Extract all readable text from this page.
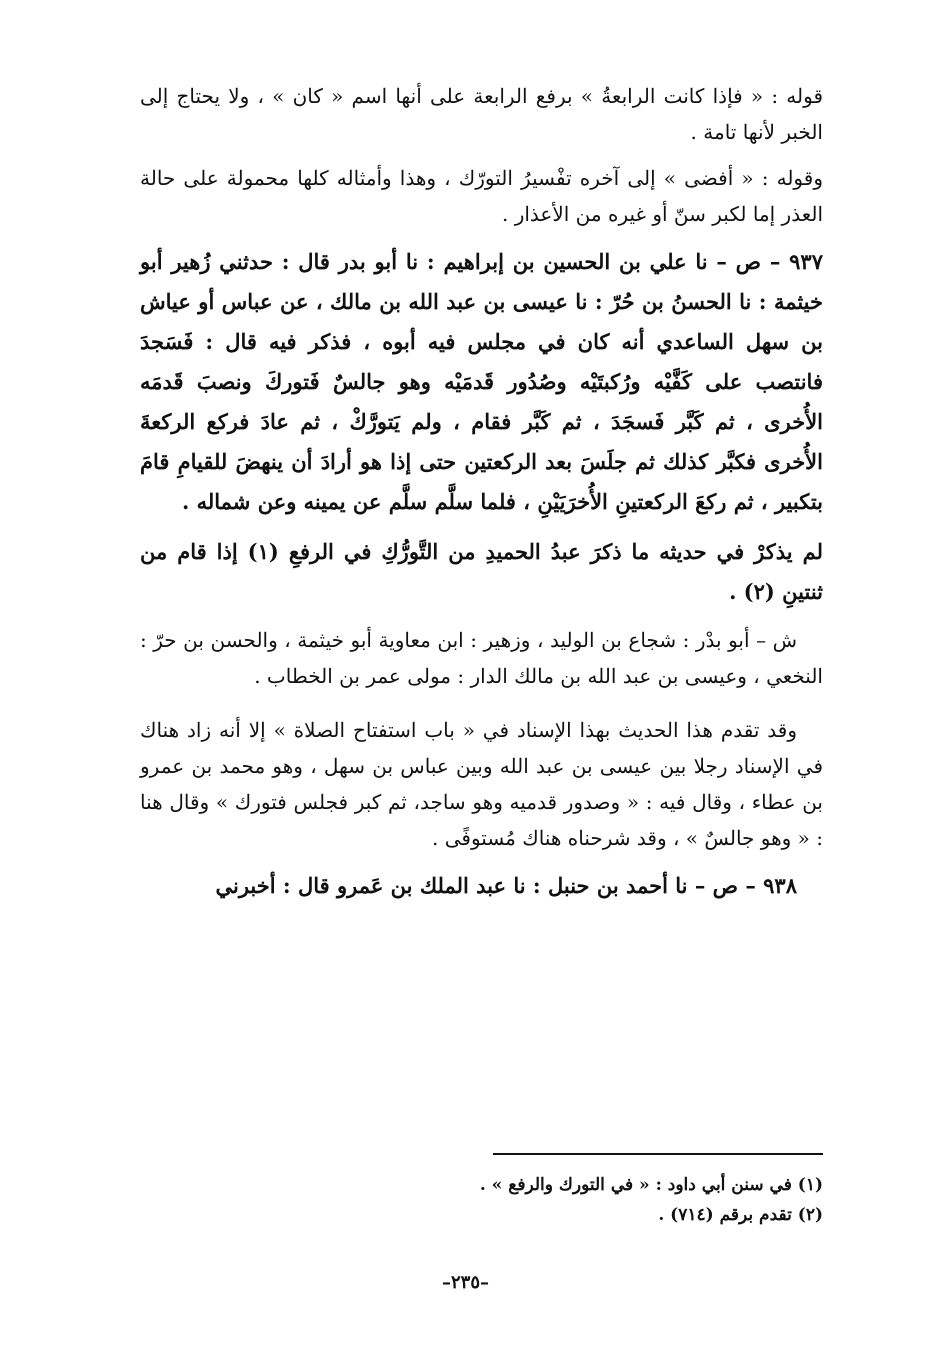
قوله : « فإذا كانت الرابعةُ » برفع الرابعة على أنها اسم « كان » ، ولا يحتاج إلى الخبر لأنها تامة .

وقوله : « أفضى » إلى آخره تفْسيرُ التورّك ، وهذا وأمثاله كلها محمولة على حالة العذر إما لكبر سنّ أو غيره من الأعذار .

٩٣٧ – ص – نا علي بن الحسين بن إبراهيم : نا أبو بدر قال : حدثني زُهير أبو خيثمة : نا الحسنُ بن حُرّ : نا عيسى بن عبد الله بن مالك ، عن عباس أو عياش بن سهل الساعدي أنه كان في مجلس فيه أبوه ، فذكر فيه قال : فَسَجدَ فانتصب على كَفَّيْه ورُكبتَيْه وصُدُور قَدمَيْه وهو جالسٌ فَتوركَ ونصبَ قَدمَه الأُخرى ، ثم كَبَّر فَسجَدَ ، ثم كَبَّر فقام ، ولم يَتورَّكْ ، ثم عادَ فركع الركعةَ الأُخرى فكبَّر كذلك ثم جلَسَ بعد الركعتين حتى إذا هو أرادَ أن ينهضَ للقيامِ قامَ بتكبير ، ثم ركعَ الركعتينِ الأُخرَيَيْنِ ، فلما سلَّم سلَّم عن يمينه وعن شماله .

لم يذكرْ في حديثه ما ذكرَ عبدُ الحميدِ من التَّورُّكِ في الرفعِ (١) إذا قام من ثنتينِ (٢) .

ش – أبو بدْر : شجاع بن الوليد ، وزهير : ابن معاوية أبو خيثمة ، والحسن بن حرّ : النخعي ، وعيسى بن عبد الله بن مالك الدار : مولى عمر بن الخطاب .

وقد تقدم هذا الحديث بهذا الإسناد في « باب استفتاح الصلاة » إلا أنه زاد هناك في الإسناد رجلا بين عيسى بن عبد الله وبين عباس بن سهل ، وهو محمد بن عمرو بن عطاء ، وقال فيه : « وصدور قدميه وهو ساجد، ثم كبر فجلس فتورك » وقال هنا : « وهو جالسٌ » ، وقد شرحناه هناك مُستوفًى .

٩٣٨ – ص – نا أحمد بن حنبل : نا عبد الملك بن عَمرو قال : أخبرني

(١) في سنن أبي داود : « في التورك والرفع » .

(٢) تقدم برقم (٧١٤) .

–٢٣٥–
